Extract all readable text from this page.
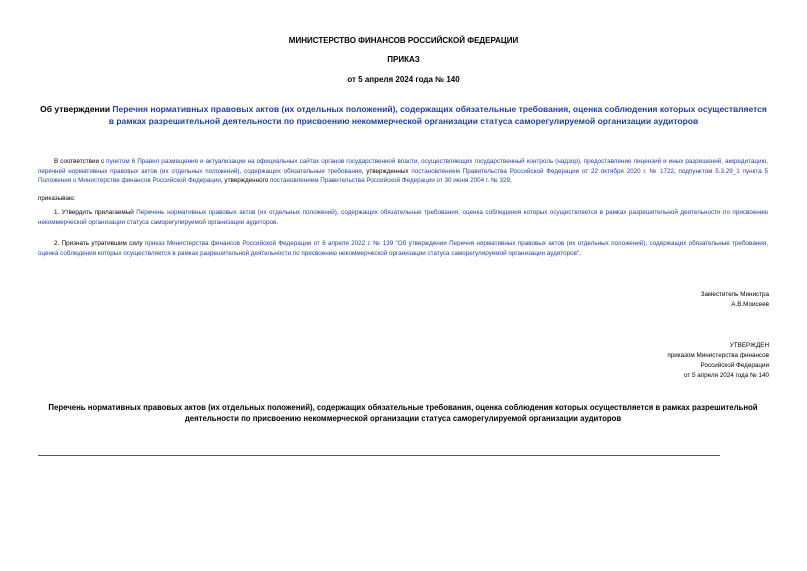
МИНИСТЕРСТВО ФИНАНСОВ РОССИЙСКОЙ ФЕДЕРАЦИИ
ПРИКАЗ
от 5 апреля 2024 года № 140
Об утверждении Перечня нормативных правовых актов (их отдельных положений), содержащих обязательные требования, оценка соблюдения которых осуществляется в рамках разрешительной деятельности по присвоению некоммерческой организации статуса саморегулируемой организации аудиторов
В соответствии с пунктом 6 Правил размещения и актуализации на официальных сайтах органов государственной власти, осуществляющих государственный контроль (надзор), предоставление лицензий и иных разрешений, аккредитацию, перечней нормативных правовых актов (их отдельных положений), содержащих обязательные требования, утвержденных постановлением Правительства Российской Федерации от 22 октября 2020 г. № 1722, подпунктом 5.3.29_1 пункта 5 Положения о Министерстве финансов Российской Федерации, утвержденного постановлением Правительства Российской Федерации от 30 июня 2004 г. № 329,
приказываю:
1. Утвердить прилагаемый Перечень нормативных правовых актов (их отдельных положений), содержащих обязательные требования, оценка соблюдения которых осуществляется в рамках разрешительной деятельности по присвоению некоммерческой организации статуса саморегулируемой организации аудиторов.
2. Признать утратившим силу приказ Министерства финансов Российской Федерации от 6 апреля 2022 г. № 139 "Об утверждении Перечня нормативных правовых актов (их отдельных положений), содержащих обязательные требования, оценка соблюдения которых осуществляется в рамках разрешительной деятельности по присвоению некоммерческой организации статуса саморегулируемой организации аудиторов".
Заместитель Министра
А.В.Моисеев
УТВЕРЖДЕН
приказом Министерства финансов
Российской Федерации
от 5 апреля 2024 года № 140
Перечень нормативных правовых актов (их отдельных положений), содержащих обязательные требования, оценка соблюдения которых осуществляется в рамках разрешительной деятельности по присвоению некоммерческой организации статуса саморегулируемой организации аудиторов
